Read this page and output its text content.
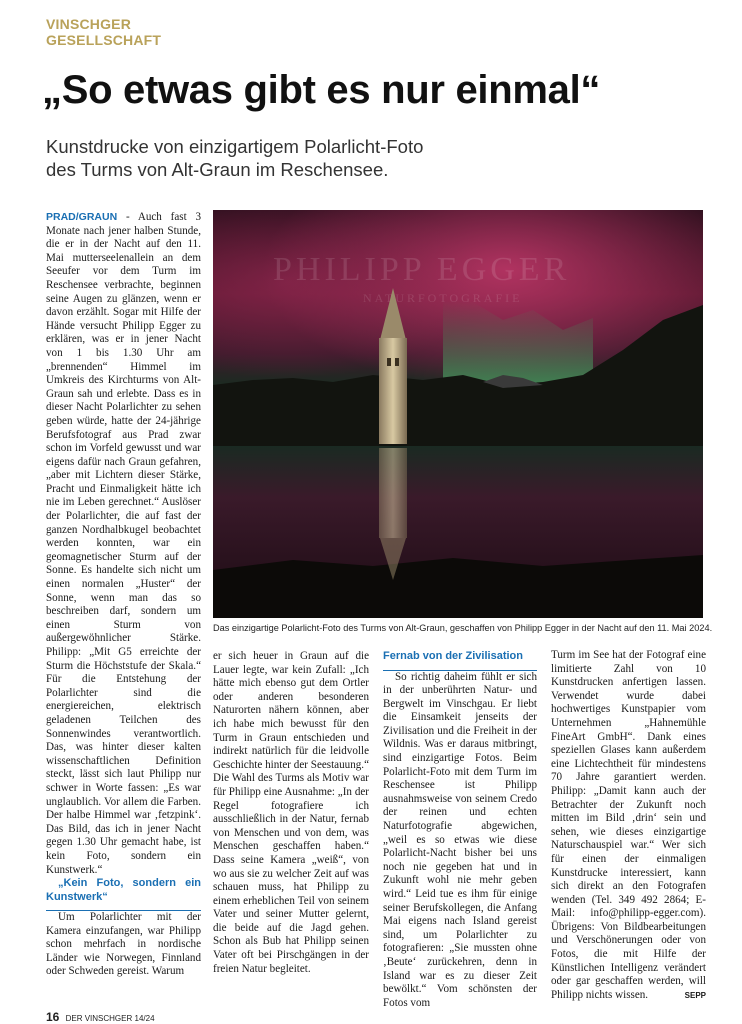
VINSCHGER
GESELLSCHAFT
„So etwas gibt es nur einmal“
Kunstdrucke von einzigartigem Polarlicht-Foto
des Turms von Alt-Graun im Reschensee.

PRAD/GRAUN - Auch fast 3 Monate nach jener halben Stunde, die er in der Nacht auf den 11. Mai mutterseelenallein an dem Seeufer vor dem Turm im Reschensee verbrachte, beginnen seine Augen zu glänzen, wenn er davon erzählt. Sogar mit Hilfe der Hände versucht Philipp Egger zu erklären, was er in jener Nacht von 1 bis 1.30 Uhr am „brennenden“ Himmel im Umkreis des Kirchturms von Alt-Graun sah und erlebte. Dass es in dieser Nacht Polarlichter zu sehen geben würde, hatte der 24-jährige Berufsfotograf aus Prad zwar schon im Vorfeld gewusst und war eigens dafür nach Graun gefahren, „aber mit Lichtern dieser Stärke, Pracht und Einmaligkeit hätte ich nie im Leben gerechnet.“ Auslöser der Polarlichter, die auf fast der ganzen Nordhalbkugel beobachtet werden konnten, war ein geomagnetischer Sturm auf der Sonne. Es handelte sich nicht um einen normalen „Huster“ der Sonne, wenn man das so beschreiben darf, sondern um einen Sturm von außergewöhnlicher Stärke. Philipp: „Mit G5 erreichte der Sturm die Höchststufe der Skala.“ Für die Entstehung der Polarlichter sind die energiereichen, elektrisch geladenen Teilchen des Sonnenwindes verantwortlich. Das, was hinter dieser kalten wissenschaftlichen Definition steckt, lässt sich laut Philipp nur schwer in Worte fassen: „Es war unglaublich. Vor allem die Farben. Der halbe Himmel war ‚fetzpink‘. Das Bild, das ich in jener Nacht gegen 1.30 Uhr gemacht habe, ist kein Foto, sondern ein Kunstwerk.“

„Kein Foto, sondern ein Kunstwerk“

Um Polarlichter mit der Kamera einzufangen, war Philipp schon mehrfach in nordische Länder wie Norwegen, Finnland oder Schweden gereist. Warum

PHILIPP EGGER
NATURFOTOGRAFIE
Das einzigartige Polarlicht-Foto des Turms von Alt-Graun, geschaffen von Philipp Egger in der Nacht auf den 11. Mai 2024.

er sich heuer in Graun auf die Lauer legte, war kein Zufall: „Ich hätte mich ebenso gut dem Ortler oder anderen besonderen Naturorten nähern können, aber ich habe mich bewusst für den Turm in Graun entschieden und indirekt natürlich für die leidvolle Geschichte hinter der Seestauung.“ Die Wahl des Turms als Motiv war für Philipp eine Ausnahme: „In der Regel fotografiere ich ausschließlich in der Natur, fernab von Menschen und von dem, was Menschen geschaffen haben.“ Dass seine Kamera „weiß“, von wo aus sie zu welcher Zeit auf was schauen muss, hat Philipp zu einem erheblichen Teil von seinem Vater und seiner Mutter gelernt, die beide auf die Jagd gehen. Schon als Bub hat Philipp seinen Vater oft bei Pirschgängen in der freien Natur begleitet.

Fernab von der Zivilisation

So richtig daheim fühlt er sich in der unberührten Natur- und Bergwelt im Vinschgau. Er liebt die Einsamkeit jenseits der Zivilisation und die Freiheit in der Wildnis. Was er daraus mitbringt, sind einzigartige Fotos. Beim Polarlicht-Foto mit dem Turm im Reschensee ist Philipp ausnahmsweise von seinem Credo der reinen und echten Naturfotografie abgewichen, „weil es so etwas wie diese Polarlicht-Nacht bisher bei uns noch nie gegeben hat und in Zukunft wohl nie mehr geben wird.“ Leid tue es ihm für einige seiner Berufskollegen, die Anfang Mai eigens nach Island gereist sind, um Polarlichter zu fotografieren: „Sie mussten ohne ‚Beute‘ zurückehren, denn in Island war es zu dieser Zeit bewölkt.“ Vom schönsten der Fotos vom

Turm im See hat der Fotograf eine limitierte Zahl von 10 Kunstdrucken anfertigen lassen. Verwendet wurde dabei hochwertiges Kunstpapier vom Unternehmen „Hahnemühle FineArt GmbH“. Dank eines speziellen Glases kann außerdem eine Lichtechtheit für mindestens 70 Jahre garantiert werden. Philipp: „Damit kann auch der Betrachter der Zukunft noch mitten im Bild ‚drin‘ sein und sehen, wie dieses einzigartige Naturschauspiel war.“ Wer sich für einen der einmaligen Kunstdrucke interessiert, kann sich direkt an den Fotografen wenden (Tel. 349 492 2864; E-Mail: info@philipp-egger.com). Übrigens: Von Bildbearbeitungen und Verschönerungen oder von Fotos, die mit Hilfe der Künstlichen Intelligenz verändert oder gar geschaffen werden, will Philipp nichts wissen.	SEPP

16 DER VINSCHGER 14/24
